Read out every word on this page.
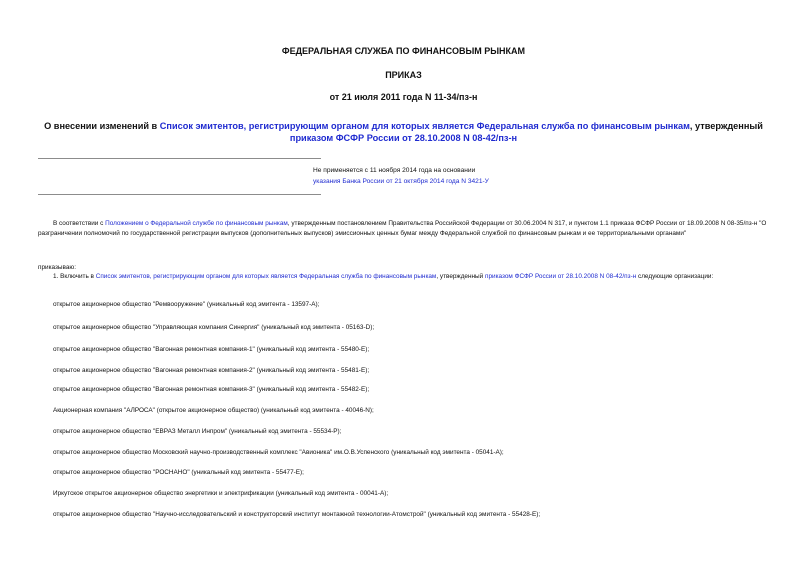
ФЕДЕРАЛЬНАЯ СЛУЖБА ПО ФИНАНСОВЫМ РЫНКАМ
ПРИКАЗ
от 21 июля 2011 года N 11-34/пз-н
О внесении изменений в Список эмитентов, регистрирующим органом для которых является Федеральная служба по финансовым рынкам, утвержденный
приказом ФСФР России от 28.10.2008 N 08-42/пз-н
Не применяется с 11 ноября 2014 года на основании
указания Банка России от 21 октября 2014 года N 3421-У
В соответствии с Положением о Федеральной службе по финансовым рынкам, утвержденным постановлением Правительства Российской Федерации от 30.06.2004 N 317, и пунктом 1.1 приказа ФСФР России от 18.09.2008 N 08-35/пз-н "О разграничении полномочий по государственной регистрации выпусков (дополнительных выпусков) эмиссионных ценных бумаг между Федеральной службой по финансовым рынкам и ее территориальными органами"
приказываю:
1. Включить в Список эмитентов, регистрирующим органом для которых является Федеральная служба по финансовым рынкам, утвержденный приказом ФСФР России от 28.10.2008 N 08-42/пз-н следующие организации:
открытое акционерное общество "Ремвооружение" (уникальный код эмитента - 13597-А);
открытое акционерное общество "Управляющая компания Синергия" (уникальный код эмитента - 05163-D);
открытое акционерное общество "Вагонная ремонтная компания-1" (уникальный код эмитента - 55480-Е);
открытое акционерное общество "Вагонная ремонтная компания-2" (уникальный код эмитента - 55481-Е);
открытое акционерное общество "Вагонная ремонтная компания-3" (уникальный код эмитента - 55482-Е);
Акционерная компания "АЛРОСА" (открытое акционерное общество) (уникальный код эмитента - 40046-N);
открытое акционерное общество "ЕВРАЗ Металл Инпром" (уникальный код эмитента - 55534-Р);
открытое акционерное общество Московский научно-производственный комплекс "Авионика" им.О.В.Успенского (уникальный код эмитента - 05041-А);
открытое акционерное общество "РОСНАНО" (уникальный код эмитента - 55477-Е);
Иркутское открытое акционерное общество энергетики и электрификации (уникальный код эмитента - 00041-А);
открытое акционерное общество "Научно-исследовательский и конструкторский институт монтажной технологии-Атомстрой" (уникальный код эмитента - 55428-Е);
